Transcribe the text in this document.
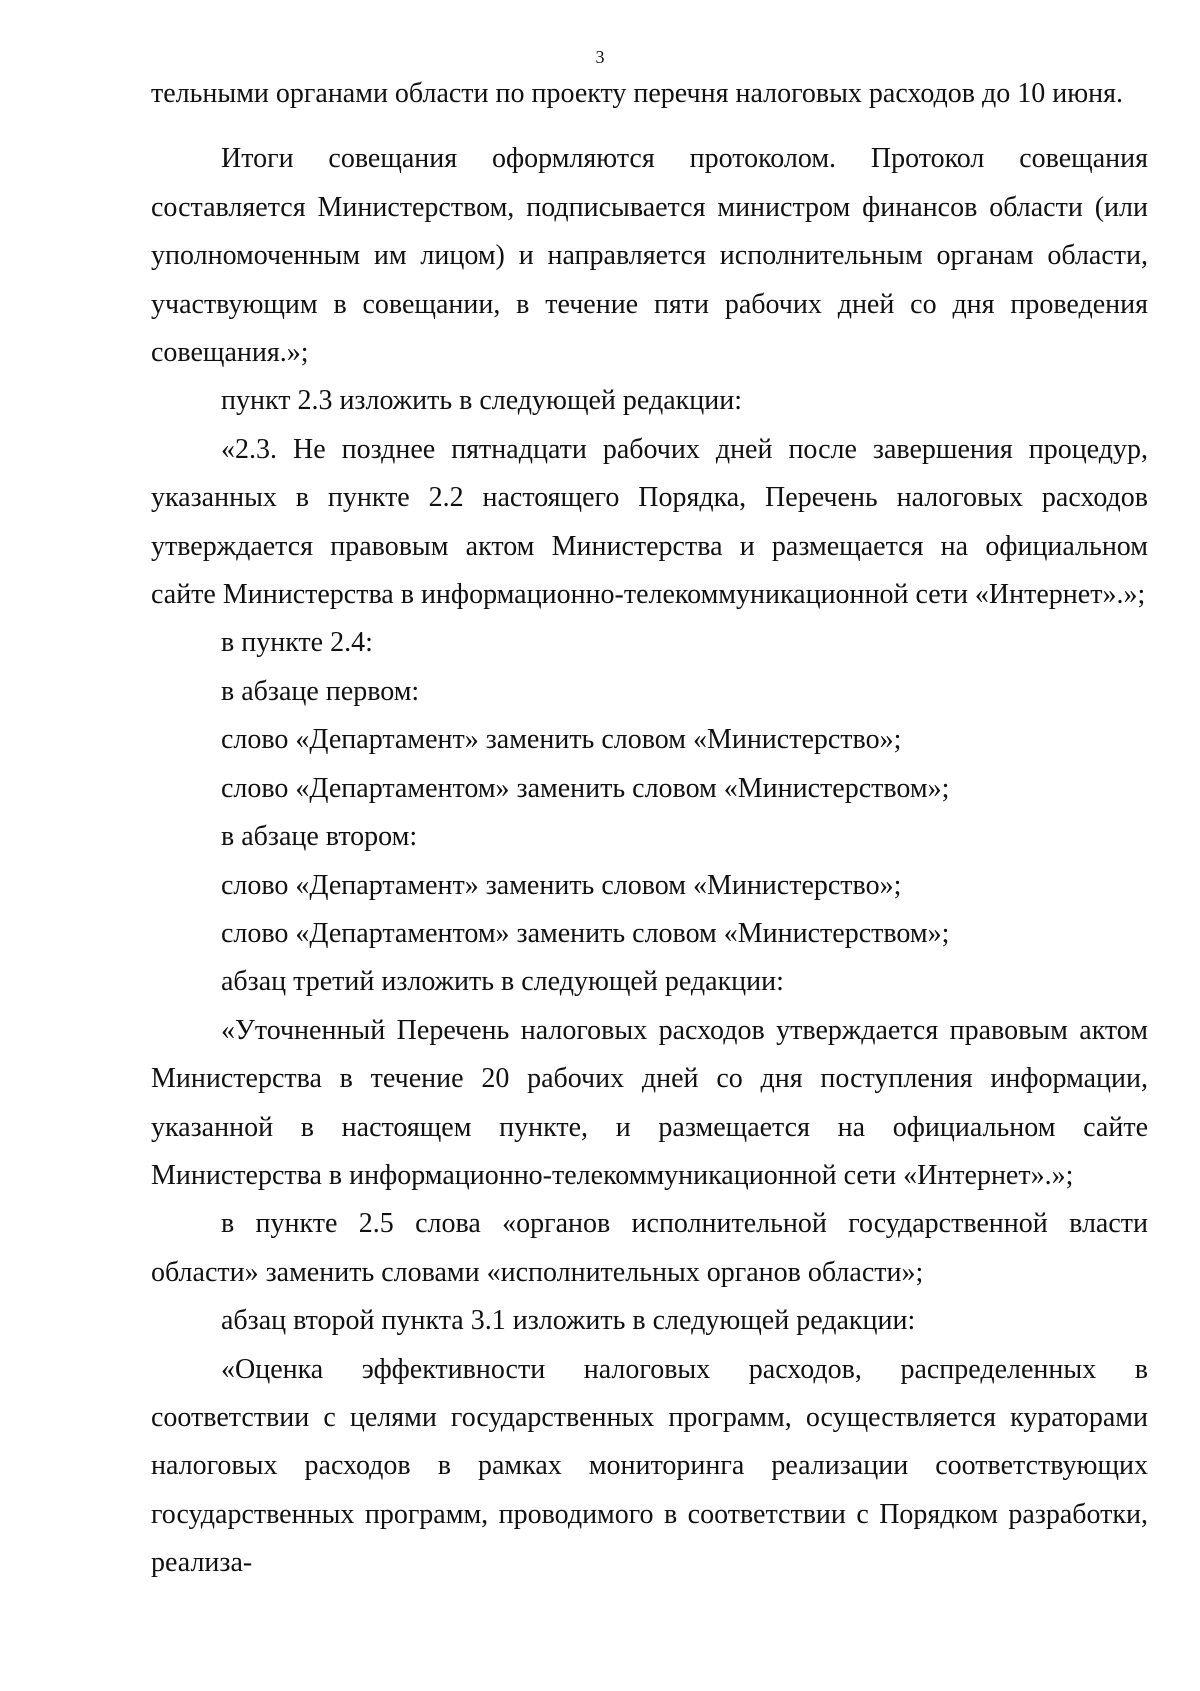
3

тельными органами области по проекту перечня налоговых расходов до 10 июня.

Итоги совещания оформляются протоколом. Протокол совещания составляется Министерством, подписывается министром финансов области (или уполномоченным им лицом) и направляется исполнительным органам области, участвующим в совещании, в течение пяти рабочих дней со дня проведения совещания.»;

пункт 2.3 изложить в следующей редакции:

«2.3. Не позднее пятнадцати рабочих дней после завершения процедур, указанных в пункте 2.2 настоящего Порядка, Перечень налоговых расходов утверждается правовым актом Министерства и размещается на официальном сайте Министерства в информационно-телекоммуникационной сети «Интернет».»;

в пункте 2.4:

в абзаце первом:

слово «Департамент» заменить словом «Министерство»;

слово «Департаментом» заменить словом «Министерством»;

в абзаце втором:

слово «Департамент» заменить словом «Министерство»;

слово «Департаментом» заменить словом «Министерством»;

абзац третий изложить в следующей редакции:

«Уточненный Перечень налоговых расходов утверждается правовым актом Министерства в течение 20 рабочих дней со дня поступления информации, указанной в настоящем пункте, и размещается на официальном сайте Министерства в информационно-телекоммуникационной сети «Интернет».»;

в пункте 2.5 слова «органов исполнительной государственной власти области» заменить словами «исполнительных органов области»;

абзац второй пункта 3.1 изложить в следующей редакции:

«Оценка эффективности налоговых расходов, распределенных в соответствии с целями государственных программ, осуществляется кураторами налоговых расходов в рамках мониторинга реализации соответствующих государственных программ, проводимого в соответствии с Порядком разработки, реализа-
